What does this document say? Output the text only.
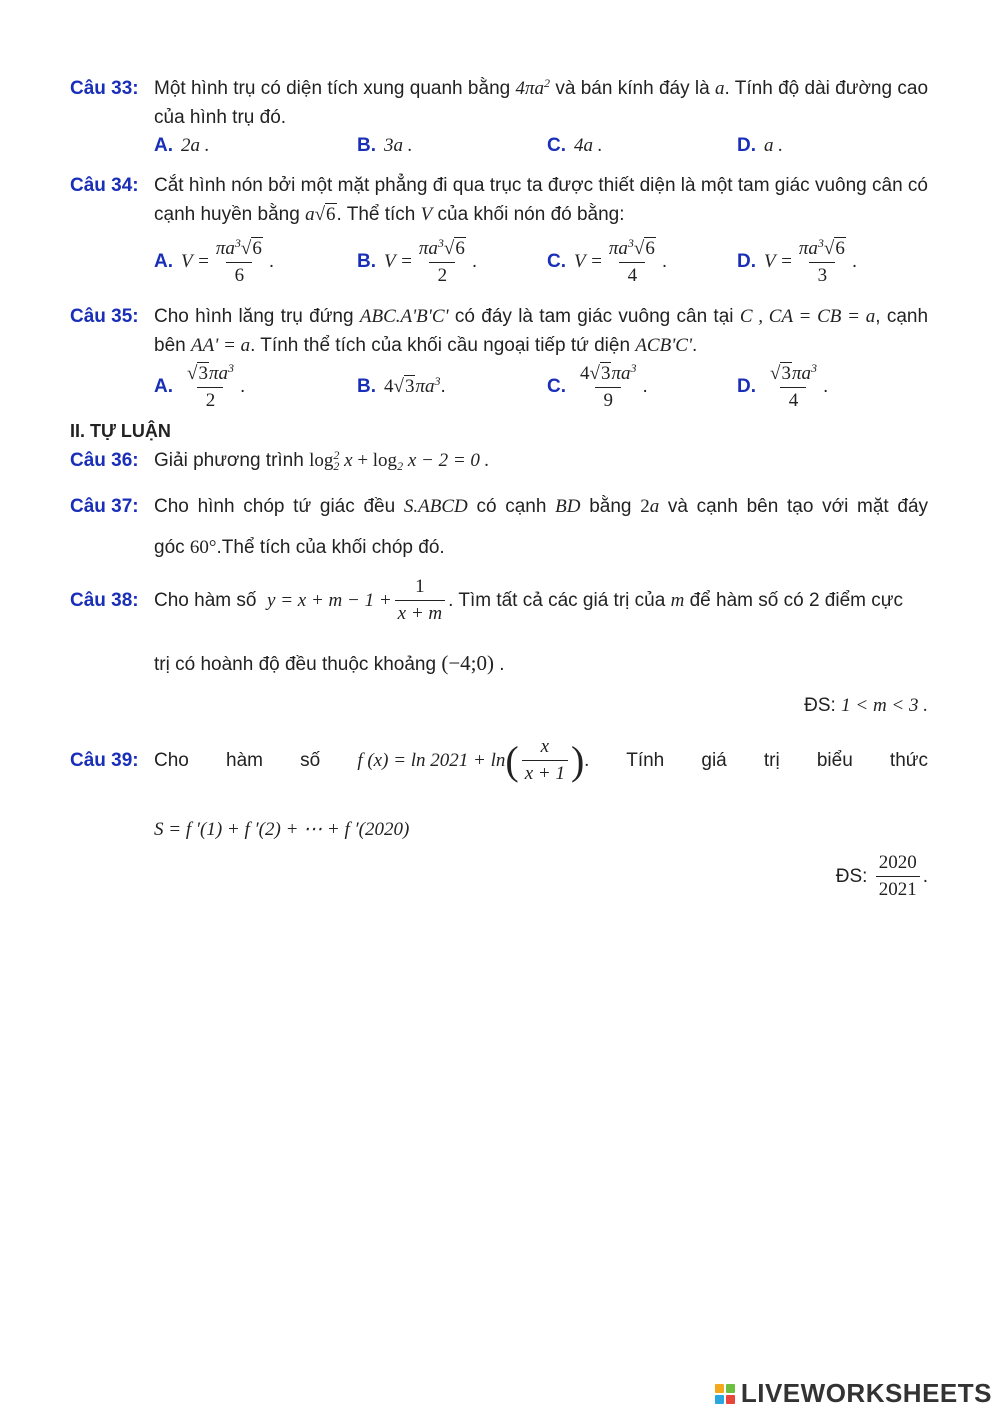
Câu 33: Một hình trụ có diện tích xung quanh bằng $4\pi a^2$ và bán kính đáy là a. Tính độ dài đường cao của hình trụ đó.
A. 2a .	B. 3a .	C. 4a .	D. a .
Câu 34: Cắt hình nón bởi một mặt phẳng đi qua trục ta được thiết diện là một tam giác vuông cân có cạnh huyền bằng a√6. Thể tích V của khối nón đó bằng:
A. $V = \frac{\pi a^3√6}{6}$ .	B. $V = \frac{\pi a^3√6}{2}$ .	C. $V = \frac{\pi a^3√6}{4}$ .	D. $V = \frac{\pi a^3√6}{3}$ .
Câu 35: Cho hình lăng trụ đứng ABC.A'B'C' có đáy là tam giác vuông cân tại C , CA = CB = a, cạnh bên AA' = a. Tính thể tích của khối cầu ngoại tiếp tứ diện ACB'C'.
A. $\frac{√3\pi a^3}{2}$ .	B. $4√3\pi a^3$ .	C. $\frac{4√3\pi a^3}{9}$ .	D. $\frac{√3\pi a^3}{4}$ .
II. TỰ LUẬN
Câu 36: Giải phương trình $\log^2_2 x + \log_2 x - 2 = 0$ .
Câu 37: Cho hình chóp tứ giác đều S.ABCD có cạnh BD bằng 2a và cạnh bên tạo với mặt đáy
góc 60°.Thể tích của khối chóp đó.
Câu 38: Cho hàm số
$y = x + m - 1 + \frac{1}{x + m}$ . Tìm tất cả các giá trị của
m
để hàm số có 2 điểm cực
trị có hoành độ đều thuộc khoảng (−4;0) .
ĐS: 1 < m < 3 .
Câu 39: Cho hàm số f (x) = ln 2021 + ln ( $\frac{x}{x + 1}$ ) . Tính giá trị biểu thức
S = f ′(1) + f ′(2) + ⋯ + f ′(2020)
ĐS:
$\frac{2020}{2021}$ .
LIVEWORKSHEETS
